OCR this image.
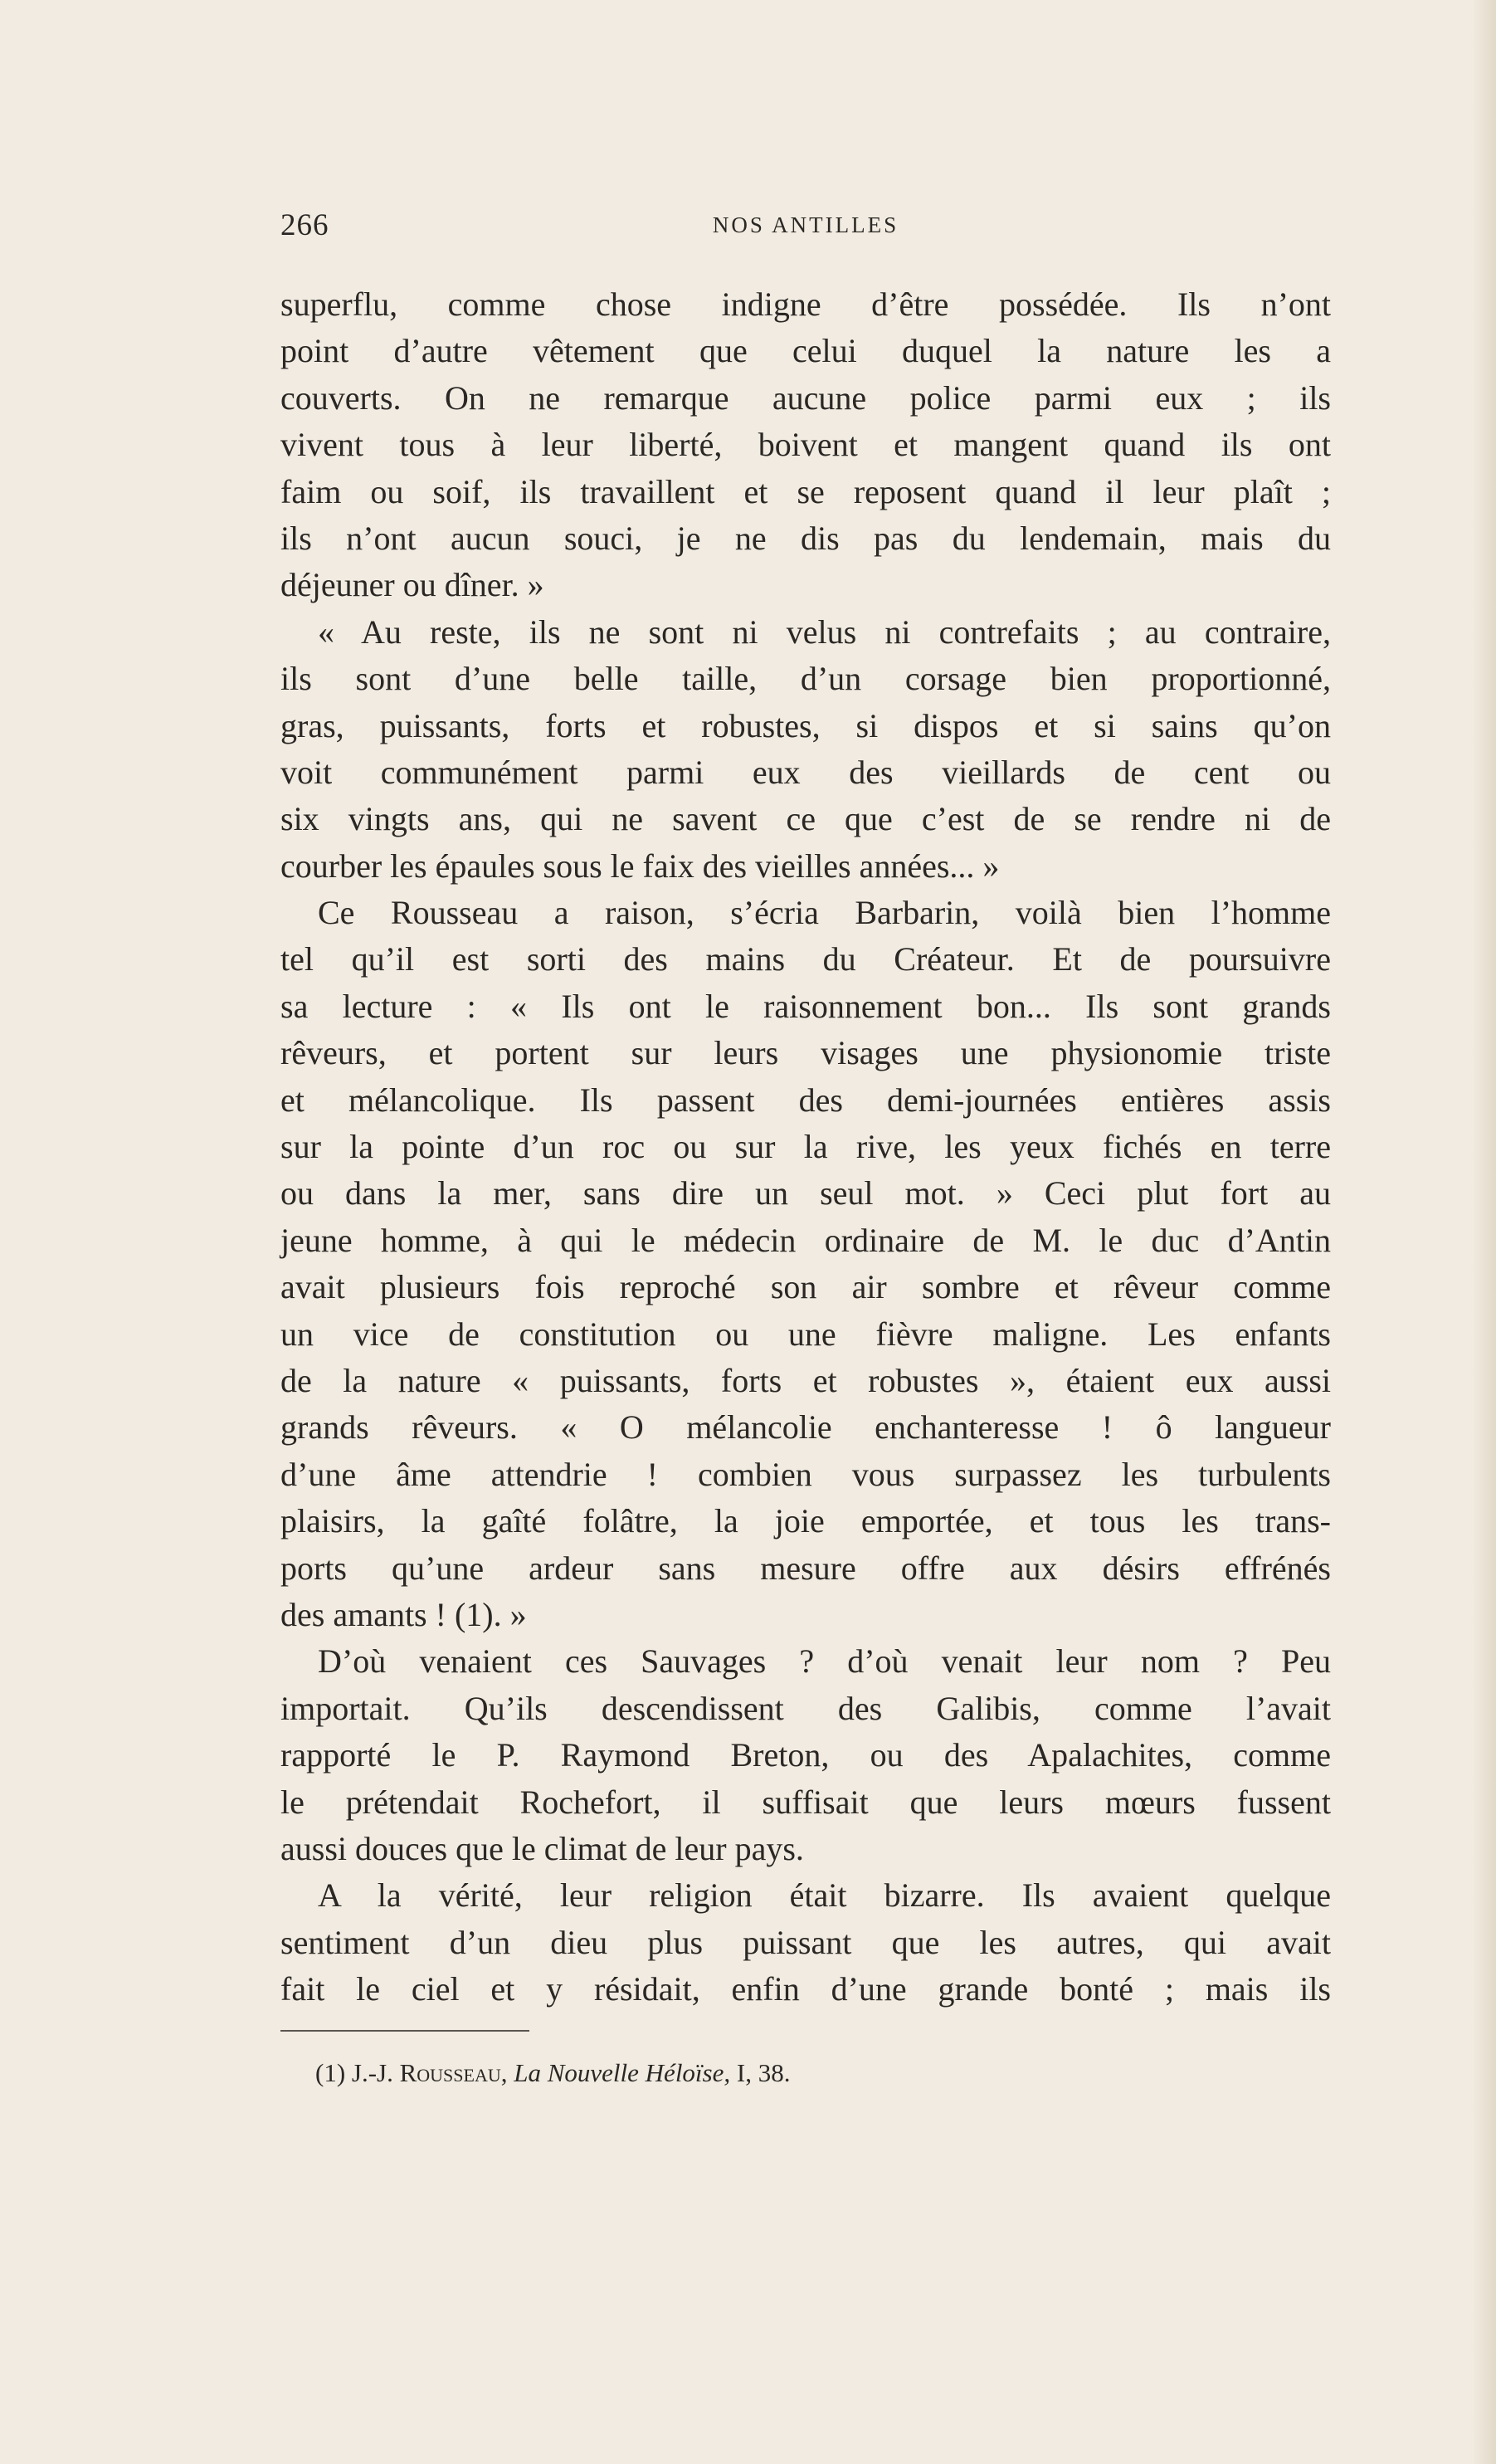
266	NOS ANTILLES
superflu, comme chose indigne d’être possédée. Ils n’ont
point d’autre vêtement que celui duquel la nature les a
couverts. On ne remarque aucune police parmi eux ; ils
vivent tous à leur liberté, boivent et mangent quand ils ont
faim ou soif, ils travaillent et se reposent quand il leur plaît ;
ils n’ont aucun souci, je ne dis pas du lendemain, mais du
déjeuner ou dîner. »
« Au reste, ils ne sont ni velus ni contrefaits ; au contraire,
ils sont d’une belle taille, d’un corsage bien proportionné,
gras, puissants, forts et robustes, si dispos et si sains qu’on
voit communément parmi eux des vieillards de cent ou
six vingts ans, qui ne savent ce que c’est de se rendre ni de
courber les épaules sous le faix des vieilles années... »
Ce Rousseau a raison, s’écria Barbarin, voilà bien l’homme
tel qu’il est sorti des mains du Créateur. Et de poursuivre
sa lecture : « Ils ont le raisonnement bon... Ils sont grands
rêveurs, et portent sur leurs visages une physionomie triste
et mélancolique. Ils passent des demi-journées entières assis
sur la pointe d’un roc ou sur la rive, les yeux fichés en terre
ou dans la mer, sans dire un seul mot. » Ceci plut fort au
jeune homme, à qui le médecin ordinaire de M. le duc d’Antin
avait plusieurs fois reproché son air sombre et rêveur comme
un vice de constitution ou une fièvre maligne. Les enfants
de la nature « puissants, forts et robustes », étaient eux aussi
grands rêveurs. « O mélancolie enchanteresse ! ô langueur
d’une âme attendrie ! combien vous surpassez les turbulents
plaisirs, la gaîté folâtre, la joie emportée, et tous les trans-
ports qu’une ardeur sans mesure offre aux désirs effrénés
des amants ! (1). »
D’où venaient ces Sauvages ? d’où venait leur nom ? Peu
importait. Qu’ils descendissent des Galibis, comme l’avait
rapporté le P. Raymond Breton, ou des Apalachites, comme
le prétendait Rochefort, il suffisait que leurs mœurs fussent
aussi douces que le climat de leur pays.
A la vérité, leur religion était bizarre. Ils avaient quelque
sentiment d’un dieu plus puissant que les autres, qui avait
fait le ciel et y résidait, enfin d’une grande bonté ; mais ils
(1) J.-J. Rousseau, La Nouvelle Héloïse, I, 38.
